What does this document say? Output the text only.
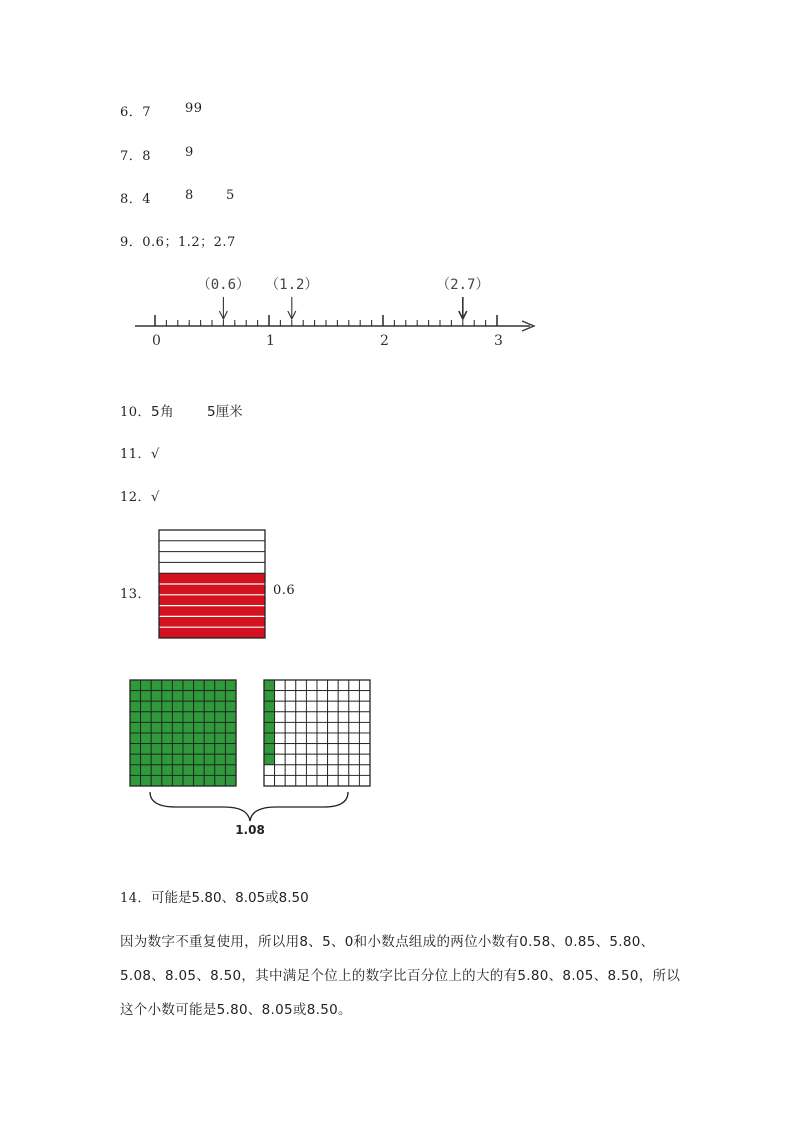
6．7	99
7．8	9
8．4	8 5
9．0.6；1.2；2.7
0	1	2	3
（0.6） （1.2）	（2.7）
10．5角 5厘米
11．√
12．√
13．	0.6
1.08
14．可能是5.80、8.05或8.50
因为数字不重复使用，所以用8、5、0和小数点组成的两位小数有0.58、0.85、5.80、
5.08、8.05、8.50，其中满足个位上的数字比百分位上的大的有5.80、8.05、8.50，所以
这个小数可能是5.80、8.05或8.50。
